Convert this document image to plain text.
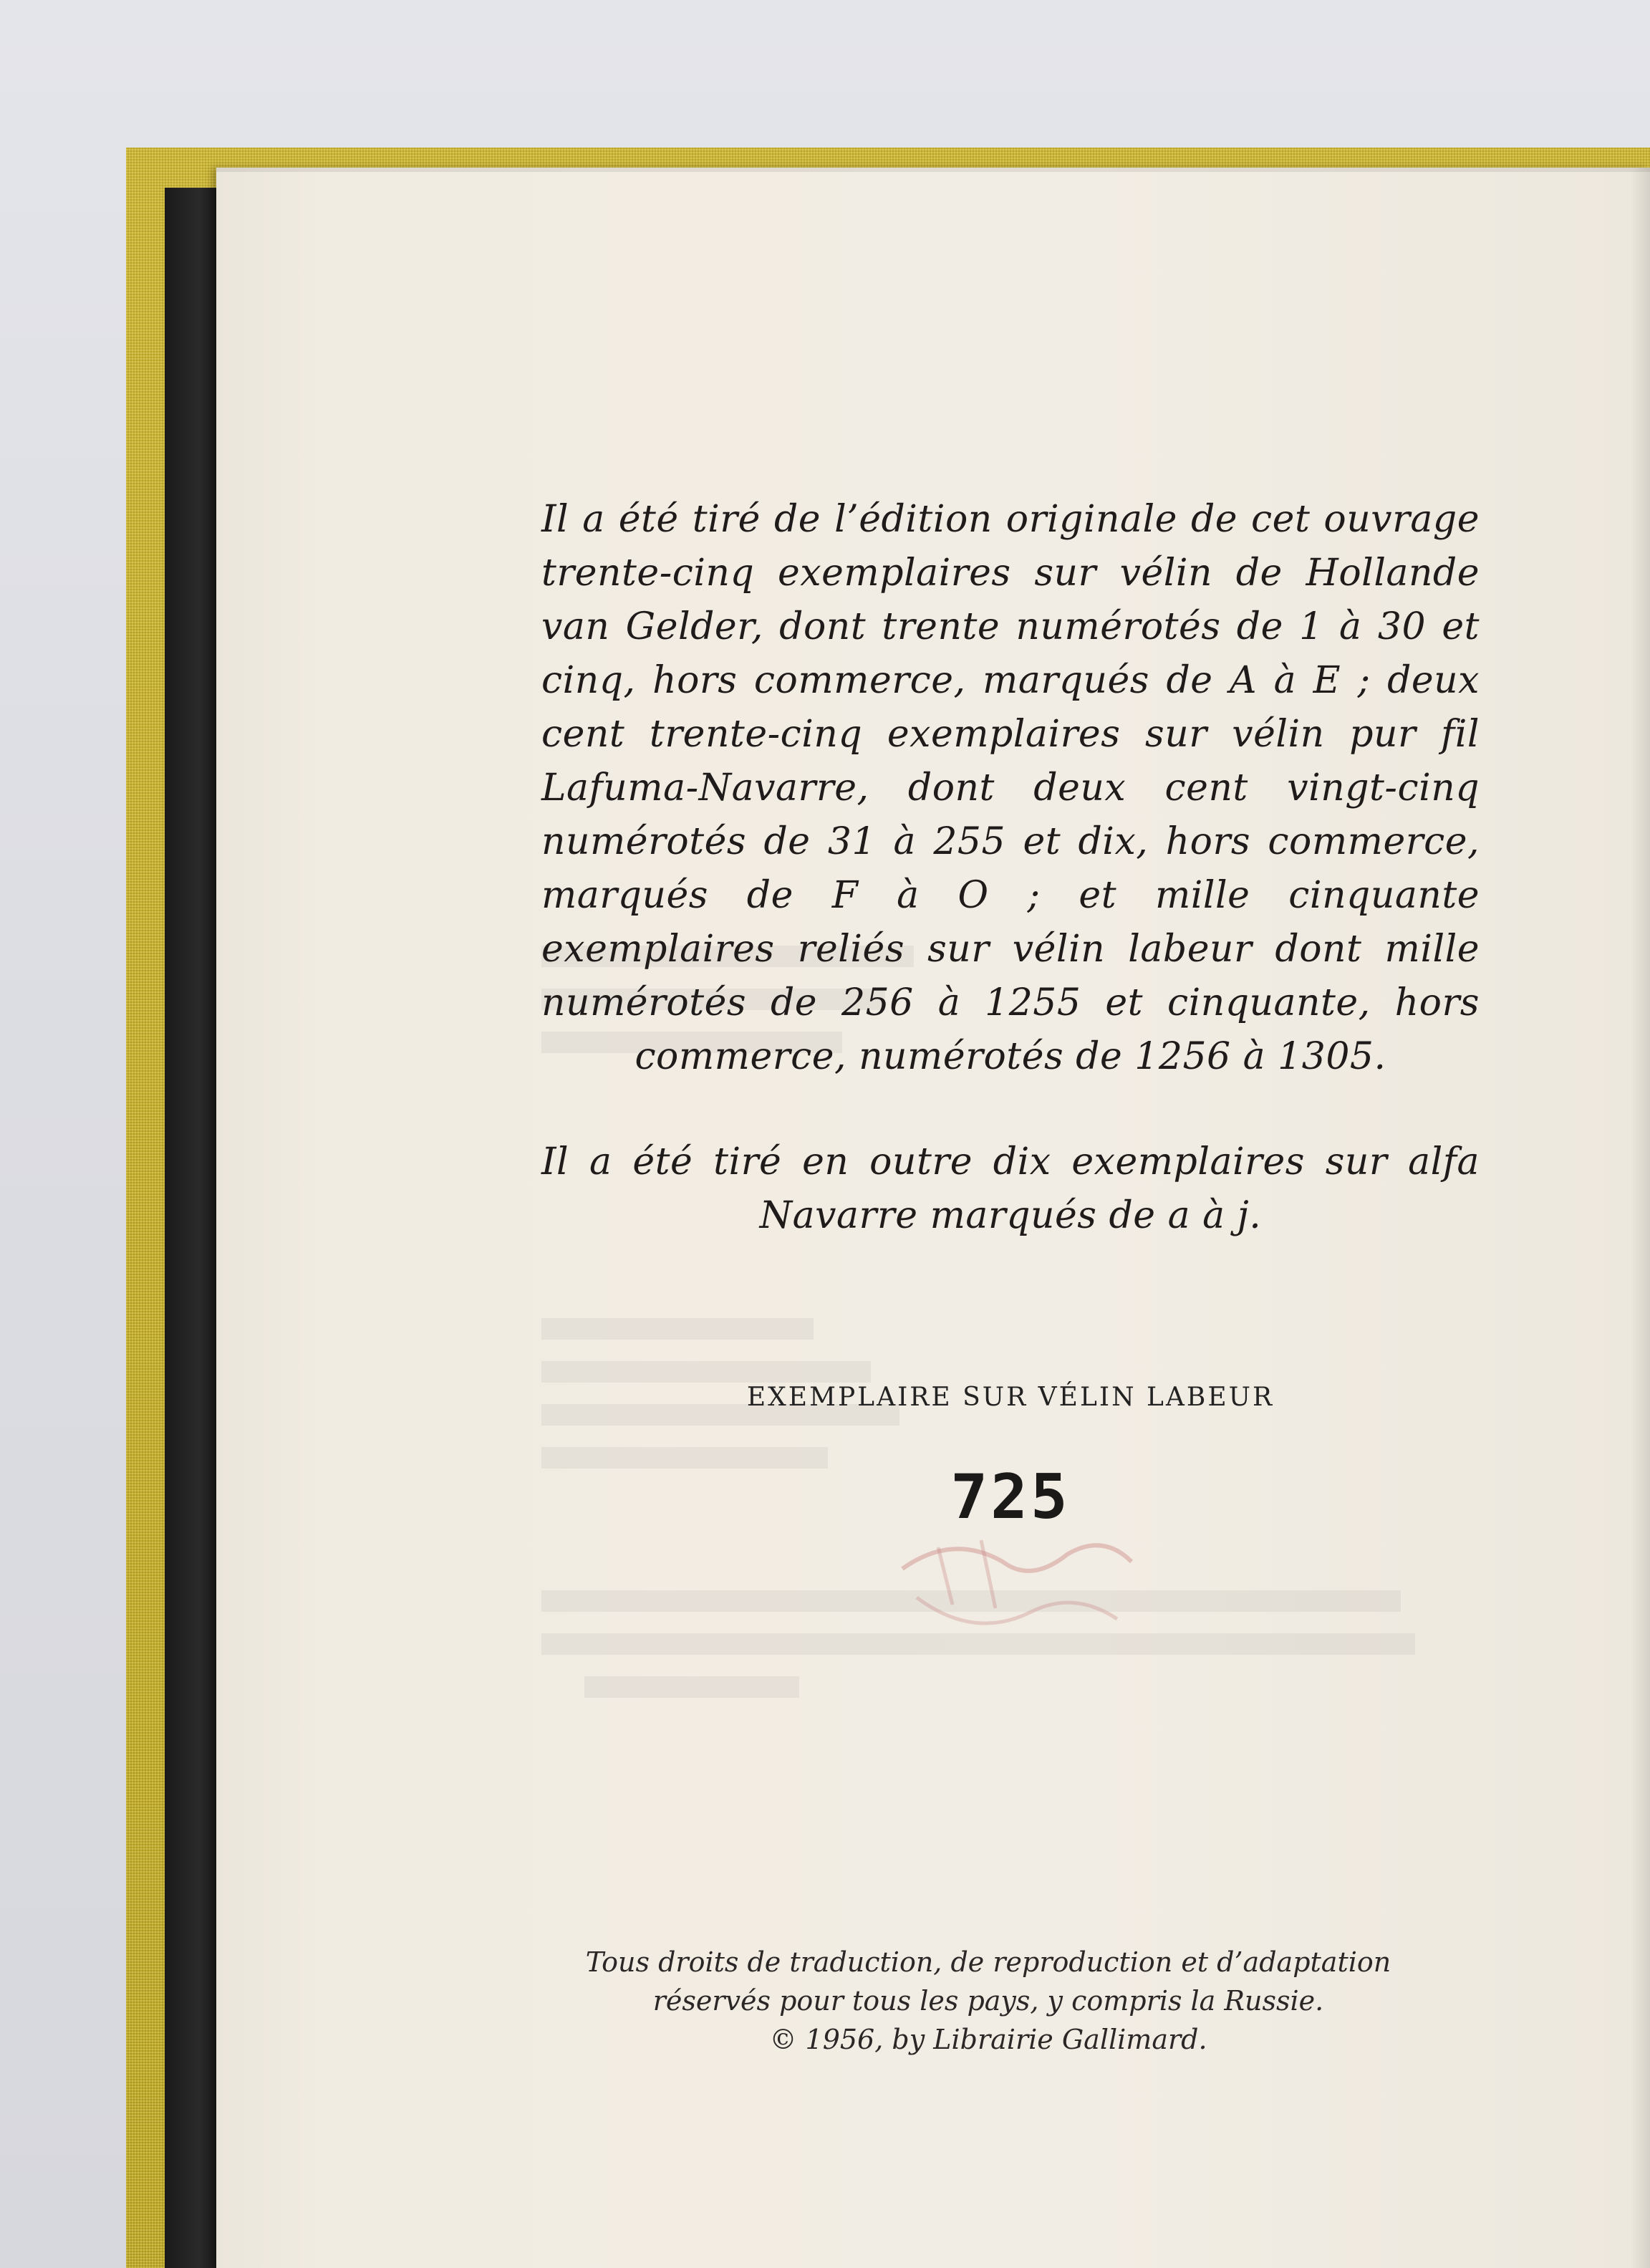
Il a été tiré de l’édition originale de cet ouvrage trente-cinq exemplaires sur vélin de Hollande van Gelder, dont trente numérotés de 1 à 30 et cinq, hors commerce, marqués de A à E ; deux cent trente-cinq exemplaires sur vélin pur fil Lafuma-Navarre, dont deux cent vingt-cinq numérotés de 31 à 255 et dix, hors commerce, marqués de F à O ; et mille cinquante exemplaires reliés sur vélin labeur dont mille numérotés de 256 à 1255 et cinquante, hors commerce, numérotés de 1256 à 1305.

Il a été tiré en outre dix exemplaires sur alfa Navarre marqués de a à j.

EXEMPLAIRE SUR VÉLIN LABEUR
725
Tous droits de traduction, de reproduction et d’adaptation
réservés pour tous les pays, y compris la Russie.
© 1956, by Librairie Gallimard.
